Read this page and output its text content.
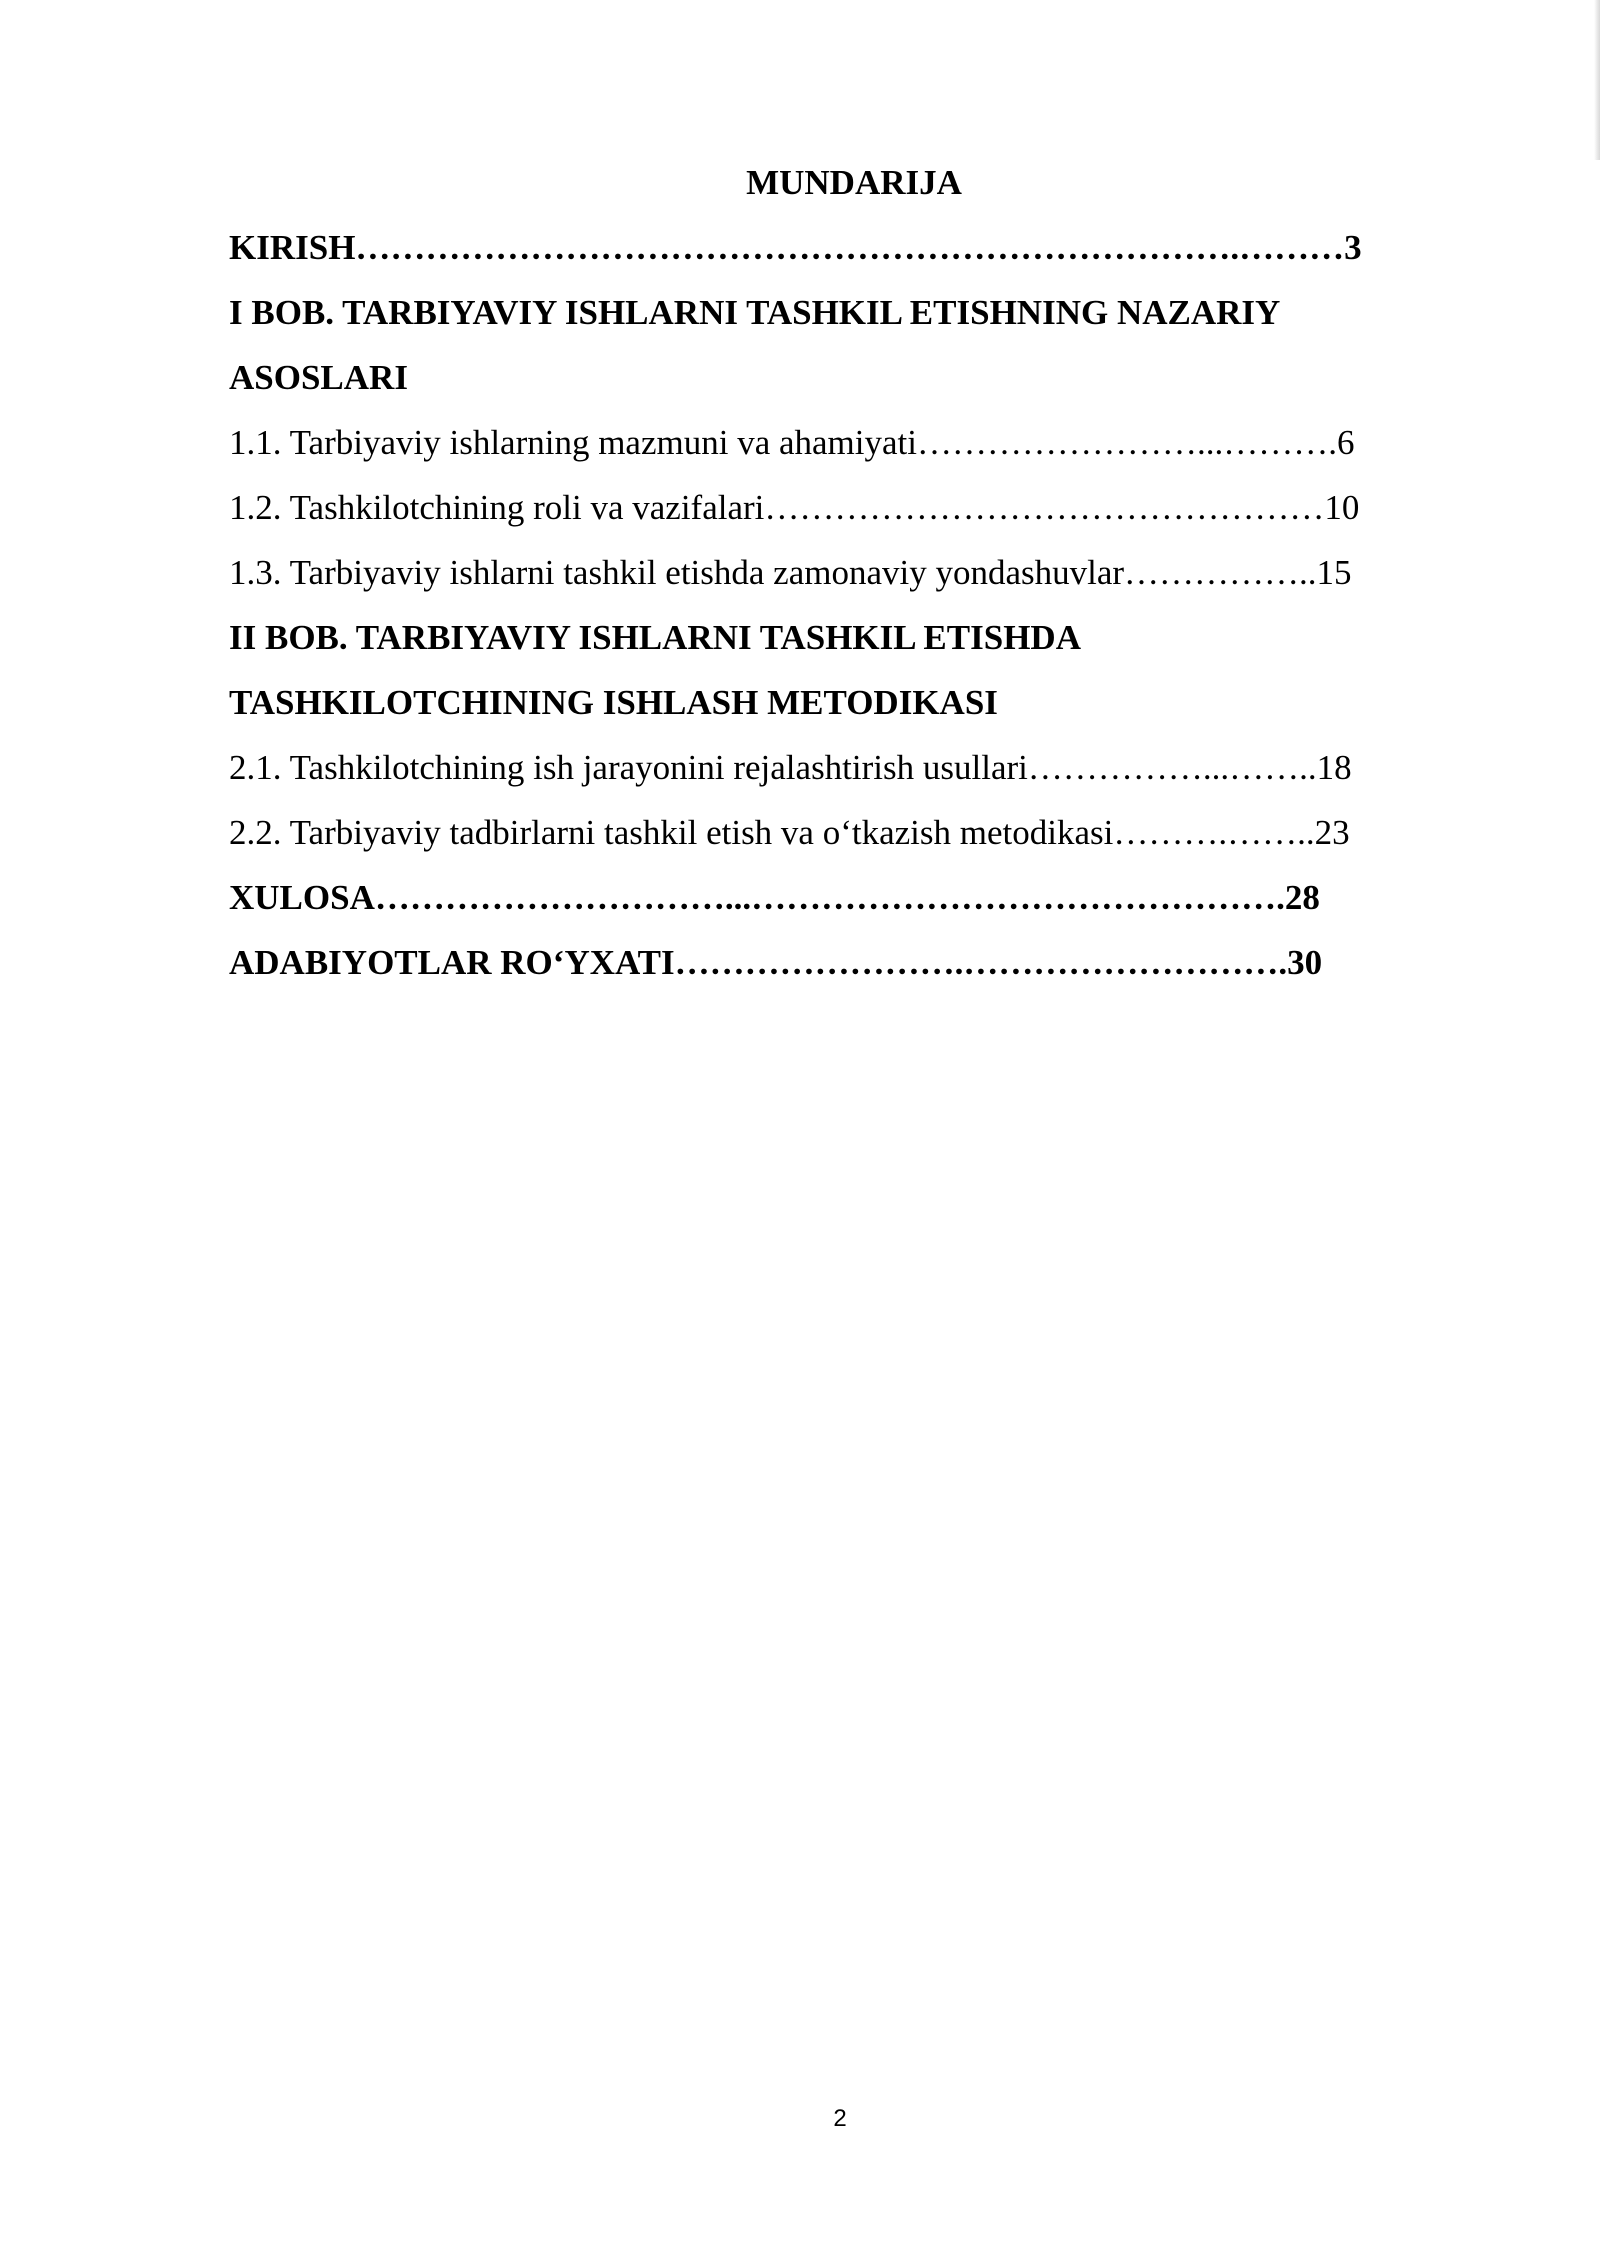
MUNDARIJA
KIRISH………………………………………………………………….………3
I BOB. TARBIYAVIY ISHLARNI TASHKIL ETISHNING NAZARIY
ASOSLARI
1.1. Tarbiyaviy ishlarning mazmuni va ahamiyati……………………...……….6
1.2. Tashkilotchining roli va vazifalari…………………………………………10
1.3. Tarbiyaviy ishlarni tashkil etishda zamonaviy yondashuvlar……………..15
II BOB. TARBIYAVIY ISHLARNI TASHKIL ETISHDA
TASHKILOTCHINING ISHLASH METODIKASI
2.1. Tashkilotchining ish jarayonini rejalashtirish usullari……………...……..18
2.2. Tarbiyaviy tadbirlarni tashkil etish va o‘tkazish metodikasi……….……..23
XULOSA…………………………...……………………………………….28
ADABIYOTLAR RO‘YXATI…………………….……………………….30
2
